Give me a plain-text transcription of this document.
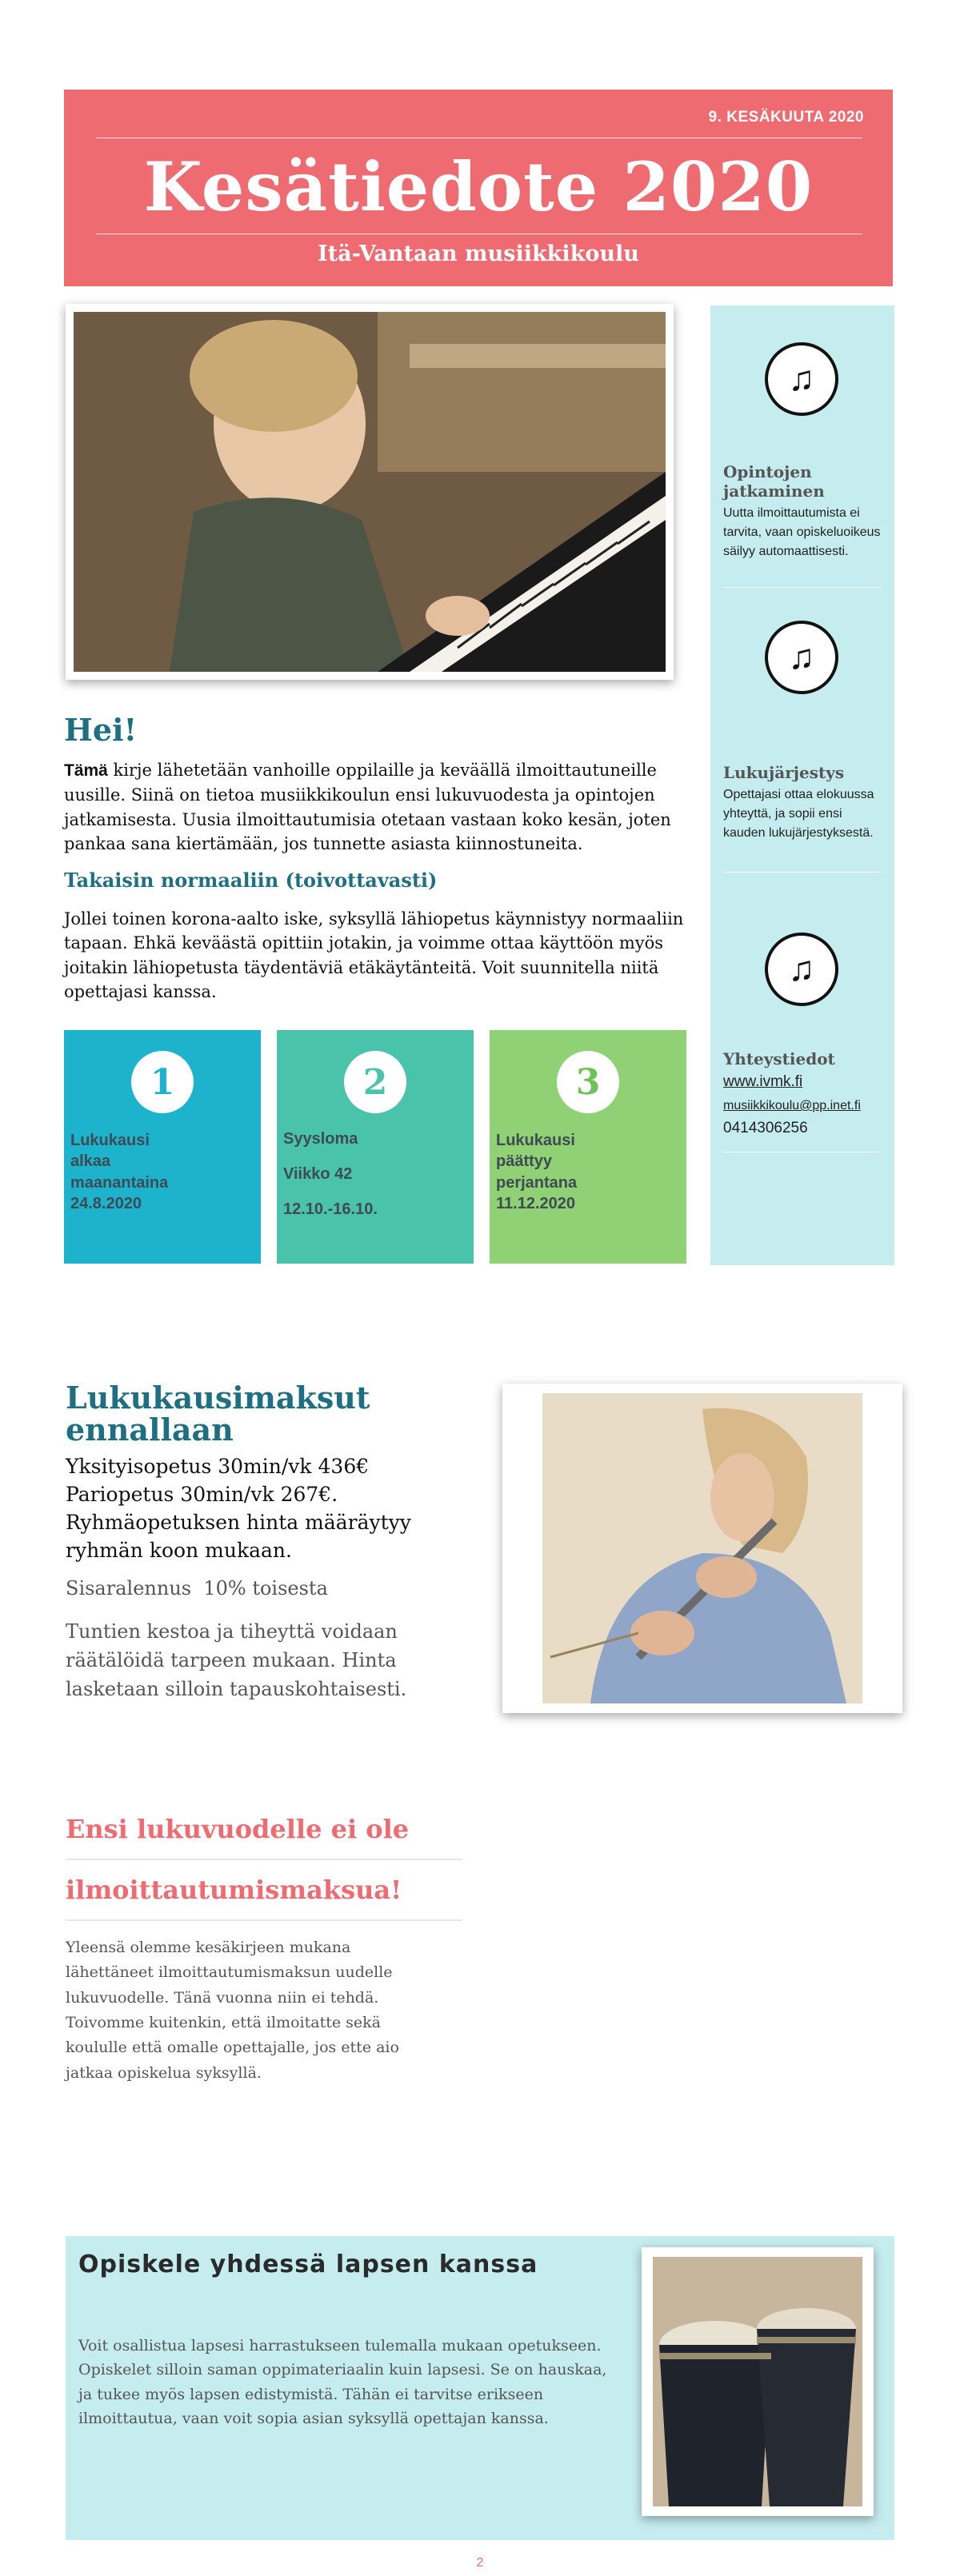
9. KESÄKUUTA 2020
Kesätiedote 2020
Itä-Vantaan musiikkikoulu
♫
Opintojen jatkaminen
Uutta ilmoittautumista ei tarvita, vaan opiskeluoikeus säilyy automaattisesti.
♫
Lukujärjestys
Opettajasi ottaa elokuussa yhteyttä, ja sopii ensi kauden lukujärjestyksestä.
♫
Yhteystiedot
www.ivmk.fi
musiikkikoulu@pp.inet.fi
0414306256
Hei!
Tämä kirje lähetetään vanhoille oppilaille ja keväällä ilmoittautuneille uusille. Siinä on tietoa musiikkikoulun ensi lukuvuodesta ja opintojen jatkamisesta. Uusia ilmoittautumisia otetaan vastaan koko kesän, joten pankaa sana kiertämään, jos tunnette asiasta kiinnostuneita.
Takaisin normaaliin (toivottavasti)
Jollei toinen korona-aalto iske, syksyllä lähiopetus käynnistyy normaaliin tapaan. Ehkä keväästä opittiin jotakin, ja voimme ottaa käyttöön myös joitakin lähiopetusta täydentäviä etäkäytänteitä. Voit suunnitella niitä opettajasi kanssa.
1
Lukukausi
alkaa
maanantaina
24.8.2020
2
Syysloma
Viikko 42
12.10.-16.10.
3
Lukukausi
päättyy
perjantana
11.12.2020
Lukukausimaksut ennallaan
Yksityisopetus 30min/vk 436€
Pariopetus 30min/vk 267€.
Ryhmäopetuksen hinta määräytyy ryhmän koon mukaan.
Sisaralennus  10% toisesta
Tuntien kestoa ja tiheyttä voidaan räätälöidä tarpeen mukaan. Hinta lasketaan silloin tapauskohtaisesti.
Ensi lukuvuodelle ei ole
ilmoittautumismaksua!
Yleensä olemme kesäkirjeen mukana lähettäneet ilmoittautumismaksun uudelle lukuvuodelle. Tänä vuonna niin ei tehdä. Toivomme kuitenkin, että ilmoitatte sekä koululle että omalle opettajalle, jos ette aio jatkaa opiskelua syksyllä.
Opiskele yhdessä lapsen kanssa
Voit osallistua lapsesi harrastukseen tulemalla mukaan opetukseen. Opiskelet silloin saman oppimateriaalin kuin lapsesi. Se on hauskaa, ja tukee myös lapsen edistymistä. Tähän ei tarvitse erikseen ilmoittautua, vaan voit sopia asian syksyllä opettajan kanssa.
2
